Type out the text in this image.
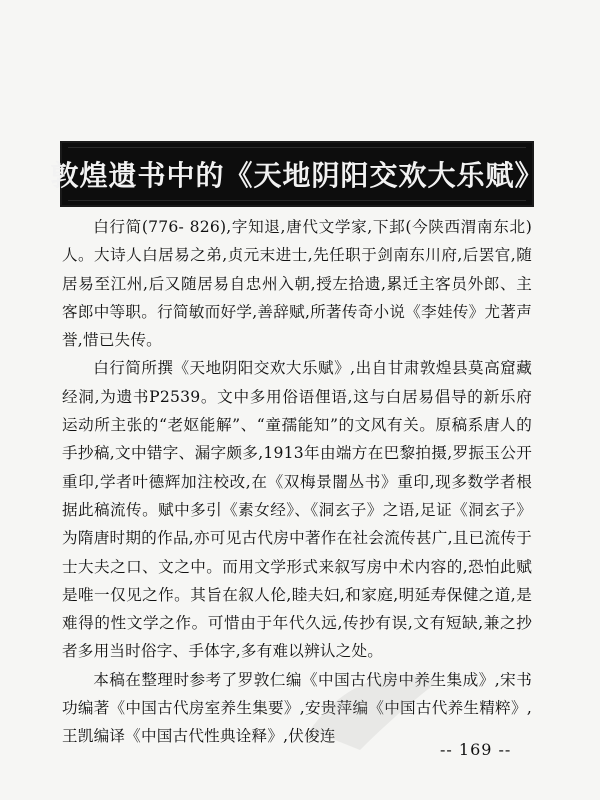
敦煌遗书中的《天地阴阳交欢大乐赋》

白行简(776- 826),字知退,唐代文学家,下邽(今陕西渭南东北)人。大诗人白居易之弟,贞元末进士,先任职于剑南东川府,后罢官,随居易至江州,后又随居易自忠州入朝,授左拾遗,累迁主客员外郎、主客郎中等职。行简敏而好学,善辞赋,所著传奇小说《李娃传》尤著声誉,惜已失传。

白行简所撰《天地阴阳交欢大乐赋》,出自甘肃敦煌县莫高窟藏经洞,为遗书P2539。文中多用俗语俚语,这与白居易倡导的新乐府运动所主张的“老妪能解”、“童孺能知”的文风有关。原稿系唐人的手抄稿,文中错字、漏字颇多,1913年由端方在巴黎拍摄,罗振玉公开重印,学者叶德辉加注校改,在《双梅景闇丛书》重印,现多数学者根据此稿流传。赋中多引《素女经》、《洞玄子》之语,足证《洞玄子》为隋唐时期的作品,亦可见古代房中著作在社会流传甚广,且已流传于士大夫之口、文之中。而用文学形式来叙写房中术内容的,恐怕此赋是唯一仅见之作。其旨在叙人伦,睦夫妇,和家庭,明延寿保健之道,是难得的性文学之作。可惜由于年代久远,传抄有误,文有短缺,兼之抄者多用当时俗字、手体字,多有难以辨认之处。

本稿在整理时参考了罗敦仁编《中国古代房中养生集成》,宋书功编著《中国古代房室养生集要》,安贵萍编《中国古代养生精粹》,王凯编译《中国古代性典诠释》,伏俊连

-- 169 --
